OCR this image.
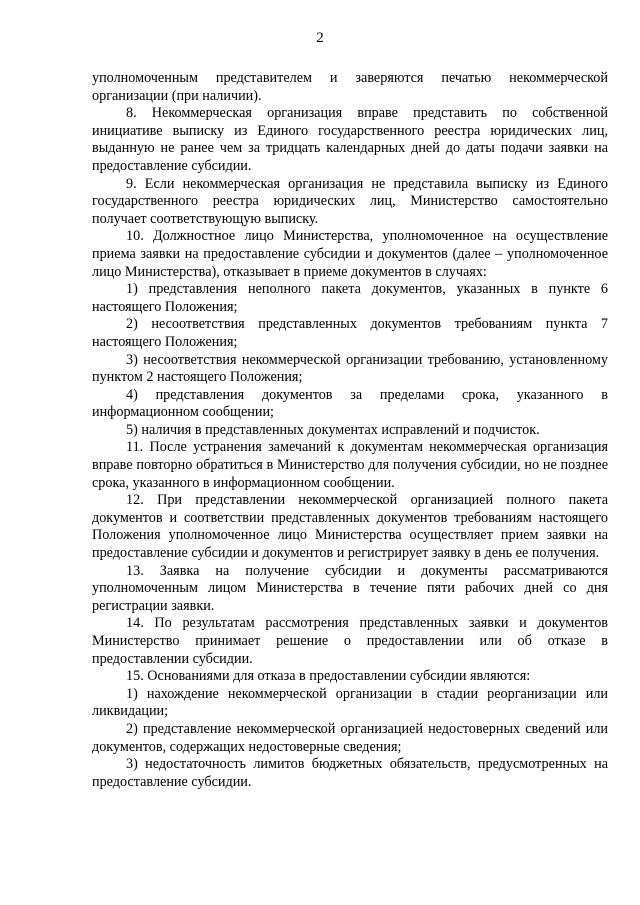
2

уполномоченным представителем и заверяются печатью некоммерческой организации (при наличии).

8. Некоммерческая организация вправе представить по собственной инициативе выписку из Единого государственного реестра юридических лиц, выданную не ранее чем за тридцать календарных дней до даты подачи заявки на предоставление субсидии.

9. Если некоммерческая организация не представила выписку из Единого государственного реестра юридических лиц, Министерство самостоятельно получает соответствующую выписку.

10. Должностное лицо Министерства, уполномоченное на осуществление приема заявки на предоставление субсидии и документов (далее – уполномоченное лицо Министерства), отказывает в приеме документов в случаях:

1) представления неполного пакета документов, указанных в пункте 6 настоящего Положения;

2) несоответствия представленных документов требованиям пункта 7 настоящего Положения;

3) несоответствия некоммерческой организации требованию, установленному пунктом 2 настоящего Положения;

4) представления документов за пределами срока, указанного в информационном сообщении;

5) наличия в представленных документах исправлений и подчисток.

11. После устранения замечаний к документам некоммерческая организация вправе повторно обратиться в Министерство для получения субсидии, но не позднее срока, указанного в информационном сообщении.

12. При представлении некоммерческой организацией полного пакета документов и соответствии представленных документов требованиям настоящего Положения уполномоченное лицо Министерства осуществляет прием заявки на предоставление субсидии и документов и регистрирует заявку в день ее получения.

13. Заявка на получение субсидии и документы рассматриваются уполномоченным лицом Министерства в течение пяти рабочих дней со дня регистрации заявки.

14. По результатам рассмотрения представленных заявки и документов Министерство принимает решение о предоставлении или об отказе в предоставлении субсидии.

15. Основаниями для отказа в предоставлении субсидии являются:

1) нахождение некоммерческой организации в стадии реорганизации или ликвидации;

2) представление некоммерческой организацией недостоверных сведений или документов, содержащих недостоверные сведения;

3) недостаточность лимитов бюджетных обязательств, предусмотренных на предоставление субсидии.
